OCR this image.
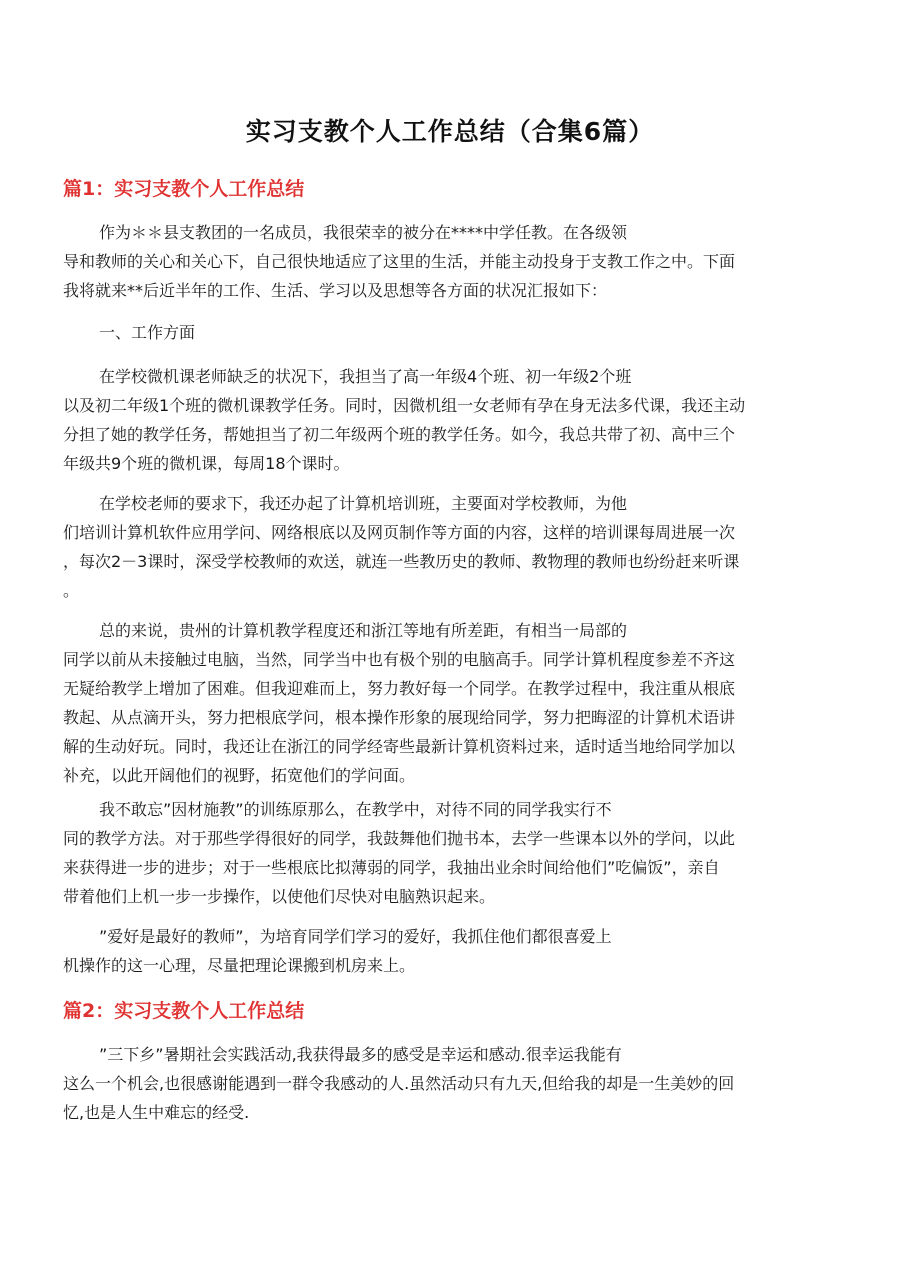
实习支教个人工作总结（合集6篇）
篇1：实习支教个人工作总结
作为＊＊县支教团的一名成员，我很荣幸的被分在****中学任教。在各级领
导和教师的关心和关心下，自己很快地适应了这里的生活，并能主动投身于支教工作之中。下面
我将就来**后近半年的工作、生活、学习以及思想等各方面的状况汇报如下：
一、工作方面
在学校微机课老师缺乏的状况下，我担当了高一年级4个班、初一年级2个班
以及初二年级1个班的微机课教学任务。同时，因微机组一女老师有孕在身无法多代课，我还主动
分担了她的教学任务，帮她担当了初二年级两个班的教学任务。如今，我总共带了初、高中三个
年级共9个班的微机课，每周18个课时。
在学校老师的要求下，我还办起了计算机培训班，主要面对学校教师，为他
们培训计算机软件应用学问、网络根底以及网页制作等方面的内容，这样的培训课每周进展一次
，每次2－3课时，深受学校教师的欢送，就连一些教历史的教师、教物理的教师也纷纷赶来听课
。
总的来说，贵州的计算机教学程度还和浙江等地有所差距，有相当一局部的
同学以前从未接触过电脑，当然，同学当中也有极个别的电脑高手。同学计算机程度参差不齐这
无疑给教学上增加了困难。但我迎难而上，努力教好每一个同学。在教学过程中，我注重从根底
教起、从点滴开头，努力把根底学问，根本操作形象的展现给同学，努力把晦涩的计算机术语讲
解的生动好玩。同时，我还让在浙江的同学经寄些最新计算机资料过来，适时适当地给同学加以
补充，以此开阔他们的视野，拓宽他们的学问面。
我不敢忘”因材施教”的训练原那么，在教学中，对待不同的同学我实行不
同的教学方法。对于那些学得很好的同学，我鼓舞他们抛书本，去学一些课本以外的学问，以此
来获得进一步的进步；对于一些根底比拟薄弱的同学，我抽出业余时间给他们”吃偏饭”，亲自
带着他们上机一步一步操作，以使他们尽快对电脑熟识起来。
”爱好是最好的教师”，为培育同学们学习的爱好，我抓住他们都很喜爱上
机操作的这一心理，尽量把理论课搬到机房来上。
篇2：实习支教个人工作总结
”三下乡”暑期社会实践活动,我获得最多的感受是幸运和感动.很幸运我能有
这么一个机会,也很感谢能遇到一群令我感动的人.虽然活动只有九天,但给我的却是一生美妙的回
忆,也是人生中难忘的经受.
